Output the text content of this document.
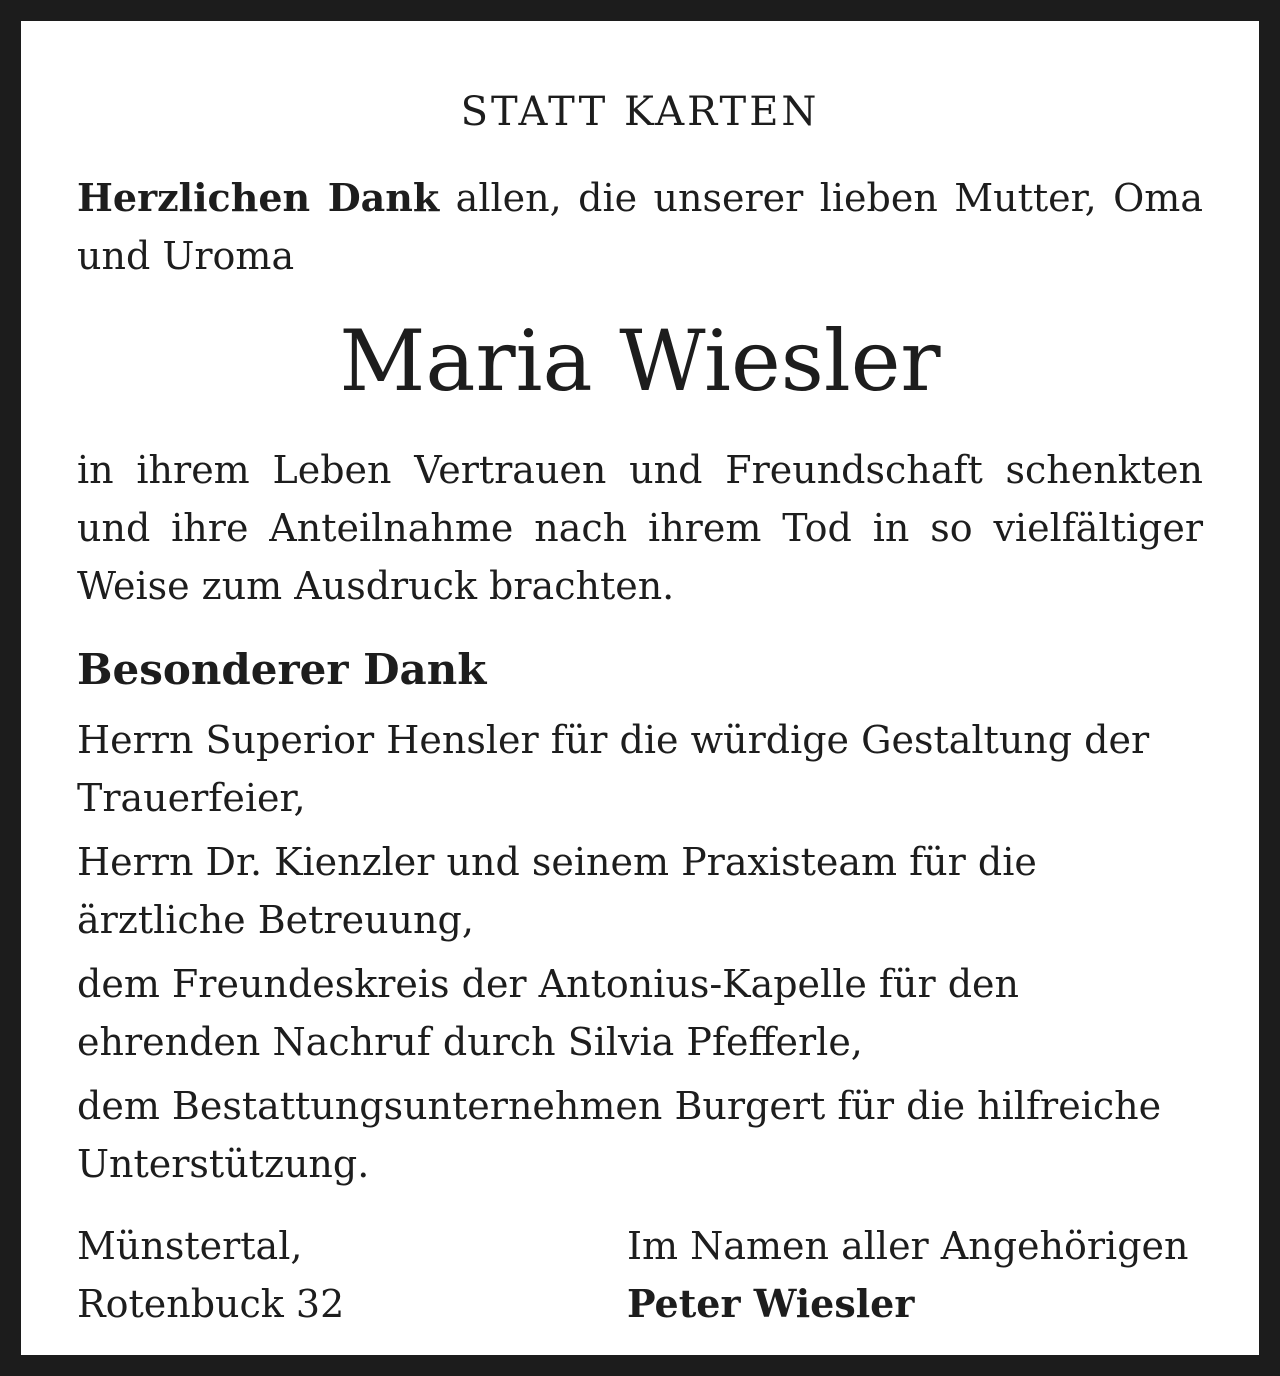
STATT KARTEN
Herzlichen Dank allen, die unserer lieben Mutter, Oma und Uroma
Maria Wiesler
in ihrem Leben Vertrauen und Freundschaft schenkten und ihre Anteilnahme nach ihrem Tod in so vielfältiger Weise zum Ausdruck brachten.
Besonderer Dank

Herrn Superior Hensler für die würdige Gestaltung der Trauerfeier,

Herrn Dr. Kienzler und seinem Praxisteam für die ärztliche Betreuung,

dem Freundeskreis der Antonius-Kapelle für den ehrenden Nachruf durch Silvia Pfefferle,

dem Bestattungsunternehmen Burgert für die hilfreiche Unterstützung.

Münstertal,
Rotenbuck 32
Im Namen aller Angehörigen
Peter Wiesler
